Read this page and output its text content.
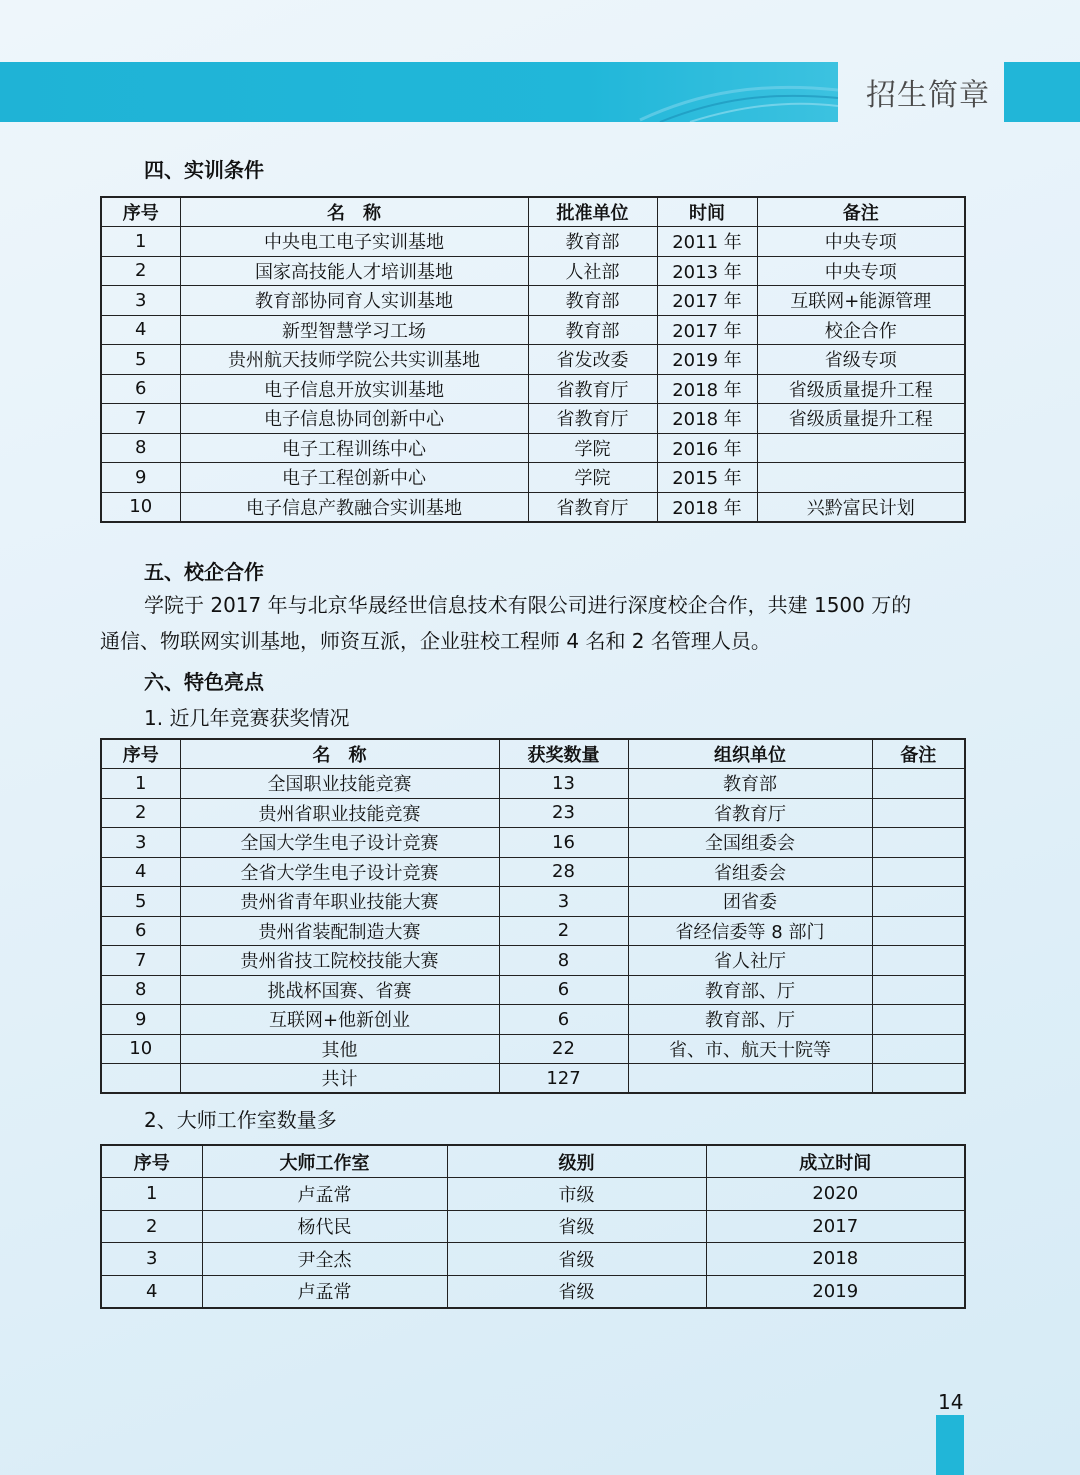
招生简章
四、实训条件
序号	名　称	批准单位	时间	备注
1	中央电工电子实训基地	教育部	2011 年	中央专项
2	国家高技能人才培训基地	人社部	2013 年	中央专项
3	教育部协同育人实训基地	教育部	2017 年	互联网+能源管理
4	新型智慧学习工场	教育部	2017 年	校企合作
5	贵州航天技师学院公共实训基地	省发改委	2019 年	省级专项
6	电子信息开放实训基地	省教育厅	2018 年	省级质量提升工程
7	电子信息协同创新中心	省教育厅	2018 年	省级质量提升工程
8	电子工程训练中心	学院	2016 年	
9	电子工程创新中心	学院	2015 年	
10	电子信息产教融合实训基地	省教育厅	2018 年	兴黔富民计划
五、校企合作

学院于 2017 年与北京华晟经世信息技术有限公司进行深度校企合作，共建 1500 万的

通信、物联网实训基地，师资互派，企业驻校工程师 4 名和 2 名管理人员。

六、特色亮点
1. 近几年竞赛获奖情况
序号	名　称	获奖数量	组织单位	备注
1	全国职业技能竞赛	13	教育部	
2	贵州省职业技能竞赛	23	省教育厅	
3	全国大学生电子设计竞赛	16	全国组委会	
4	全省大学生电子设计竞赛	28	省组委会	
5	贵州省青年职业技能大赛	3	团省委	
6	贵州省装配制造大赛	2	省经信委等 8 部门	
7	贵州省技工院校技能大赛	8	省人社厅	
8	挑战杯国赛、省赛	6	教育部、厅	
9	互联网+他新创业	6	教育部、厅	
10	其他	22	省、市、航天十院等	
	共计	127		
2、大师工作室数量多
序号	大师工作室	级别	成立时间
1	卢孟常	市级	2020
2	杨代民	省级	2017
3	尹全杰	省级	2018
4	卢孟常	省级	2019
14
